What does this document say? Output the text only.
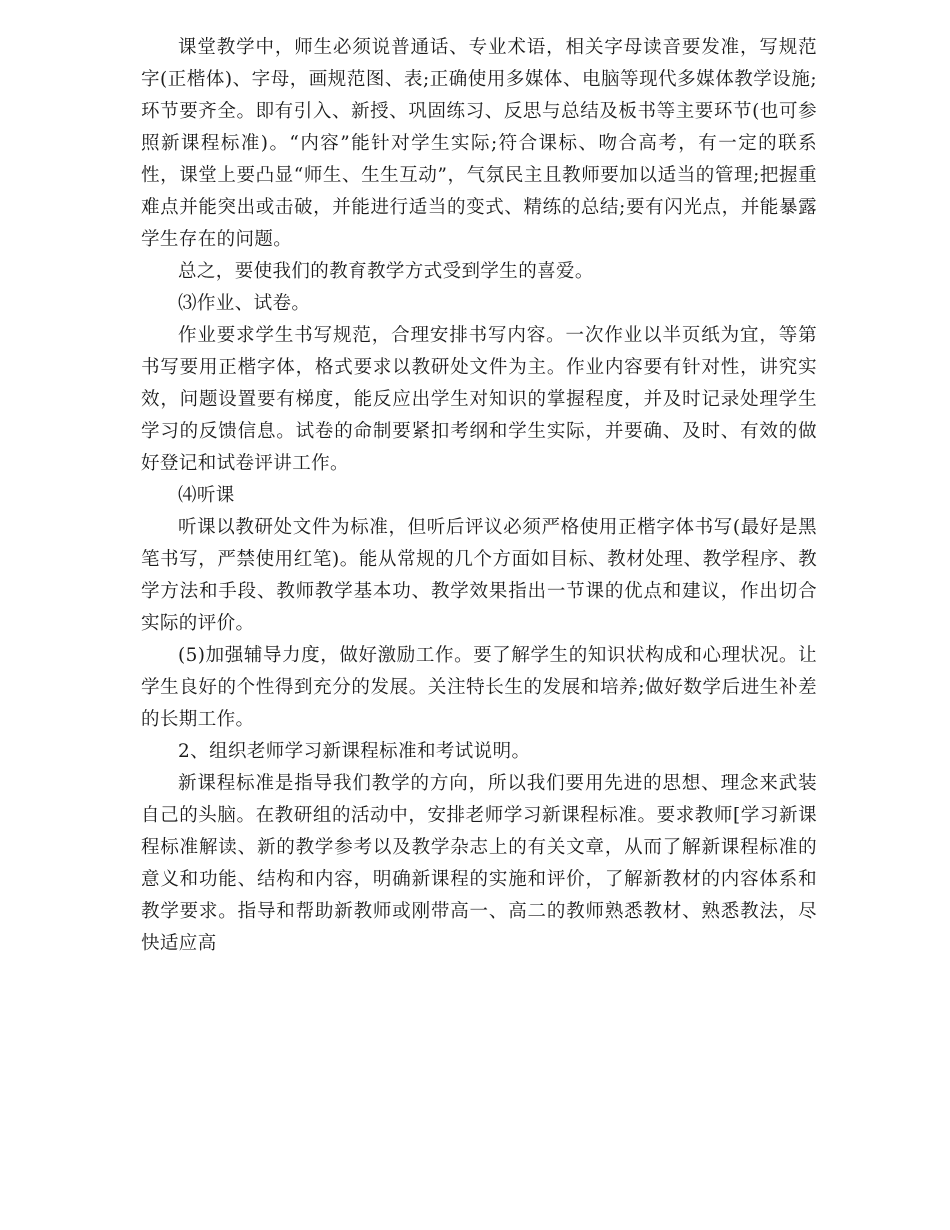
课堂教学中，师生必须说普通话、专业术语，相关字母读音要发准，写规范字(正楷体)、字母，画规范图、表;正确使用多媒体、电脑等现代多媒体教学设施;环节要齐全。即有引入、新授、巩固练习、反思与总结及板书等主要环节(也可参照新课程标准)。“内容”能针对学生实际;符合课标、吻合高考，有一定的联系性，课堂上要凸显“师生、生生互动”，气氛民主且教师要加以适当的管理;把握重难点并能突出或击破，并能进行适当的变式、精练的总结;要有闪光点，并能暴露学生存在的问题。

总之，要使我们的教育教学方式受到学生的喜爱。

⑶作业、试卷。

作业要求学生书写规范，合理安排书写内容。一次作业以半页纸为宜，等第书写要用正楷字体，格式要求以教研处文件为主。作业内容要有针对性，讲究实效，问题设置要有梯度，能反应出学生对知识的掌握程度，并及时记录处理学生学习的反馈信息。试卷的命制要紧扣考纲和学生实际，并要确、及时、有效的做好登记和试卷评讲工作。

⑷听课

听课以教研处文件为标准，但听后评议必须严格使用正楷字体书写(最好是黑笔书写，严禁使用红笔)。能从常规的几个方面如目标、教材处理、教学程序、教学方法和手段、教师教学基本功、教学效果指出一节课的优点和建议，作出切合实际的评价。

(5)加强辅导力度，做好激励工作。要了解学生的知识状构成和心理状况。让学生良好的个性得到充分的发展。关注特长生的发展和培养;做好数学后进生补差的长期工作。

2、组织老师学习新课程标准和考试说明。

新课程标准是指导我们教学的方向，所以我们要用先进的思想、理念来武装自己的头脑。在教研组的活动中，安排老师学习新课程标准。要求教师[学习新课程标准解读、新的教学参考以及教学杂志上的有关文章，从而了解新课程标准的意义和功能、结构和内容，明确新课程的实施和评价，了解新教材的内容体系和教学要求。指导和帮助新教师或刚带高一、高二的教师熟悉教材、熟悉教法，尽快适应高
